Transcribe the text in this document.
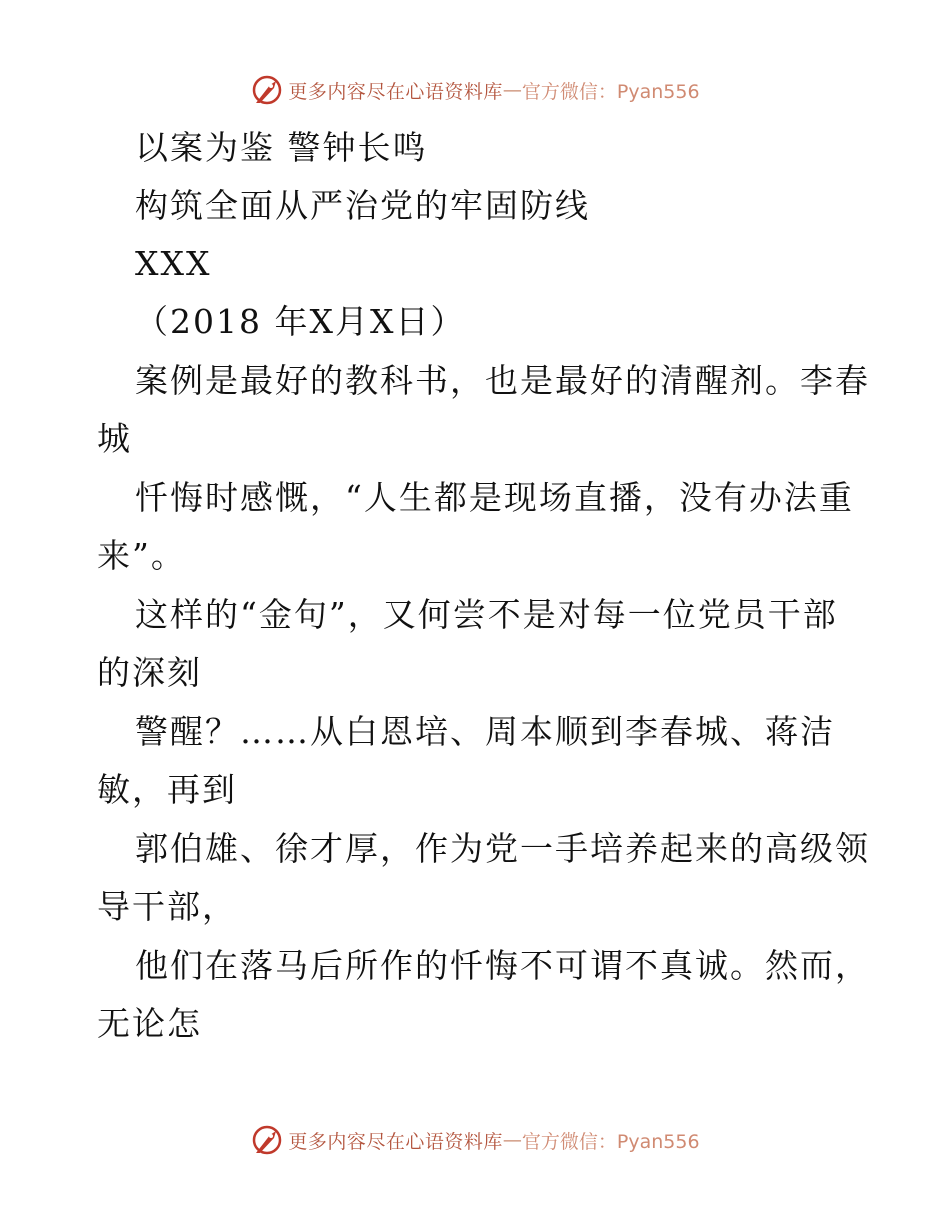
更多内容尽在心语资料库 — 官方微信：Pyan556
以案为鉴 警钟长鸣
构筑全面从严治党的牢固防线
XXX
（2018 年X月X日）
案例是最好的教科书，也是最好的清醒剂。李春
城
忏悔时感慨，“人生都是现场直播，没有办法重
来”。
这样的“金句”，又何尝不是对每一位党员干部
的深刻
警醒？……从白恩培、周本顺到李春城、蒋洁
敏，再到
郭伯雄、徐才厚，作为党一手培养起来的高级领
导干部，
他们在落马后所作的忏悔不可谓不真诚。然而，
无论怎
更多内容尽在心语资料库 — 官方微信：Pyan556
